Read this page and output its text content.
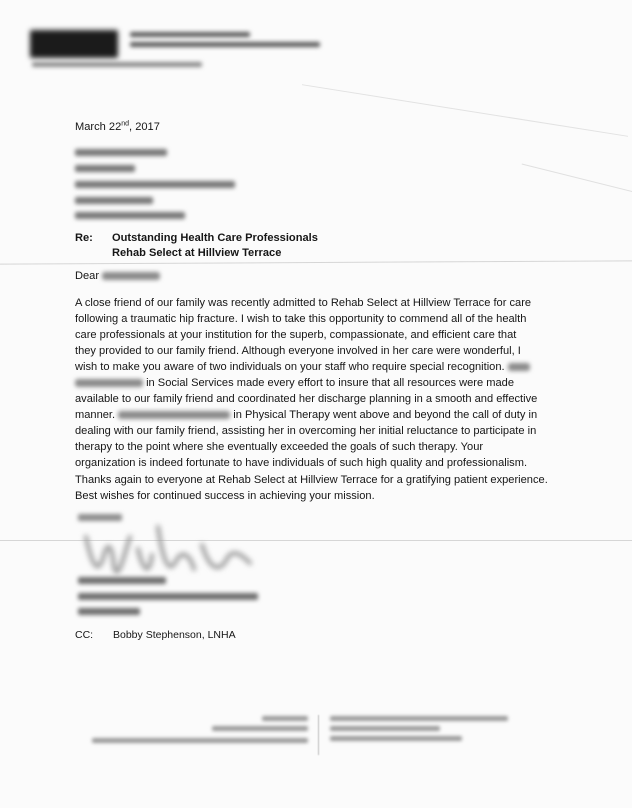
March 22nd, 2017
Re: Outstanding Health Care Professionals
Rehab Select at Hillview Terrace
Dear
A close friend of our family was recently admitted to Rehab Select at Hillview Terrace for care
following a traumatic hip fracture. I wish to take this opportunity to commend all of the health
care professionals at your institution for the superb, compassionate, and efficient care that
they provided to our family friend. Although everyone involved in her care were wonderful, I
wish to make you aware of two individuals on your staff who require special recognition.
in Social Services made every effort to insure that all resources were made
available to our family friend and coordinated her discharge planning in a smooth and effective
manner.	in Physical Therapy went above and beyond the call of duty in
dealing with our family friend, assisting her in overcoming her initial reluctance to participate in
therapy to the point where she eventually exceeded the goals of such therapy. Your
organization is indeed fortunate to have individuals of such high quality and professionalism.
Thanks again to everyone at Rehab Select at Hillview Terrace for a gratifying patient experience.
Best wishes for continued success in achieving your mission.
CC: Bobby Stephenson, LNHA
